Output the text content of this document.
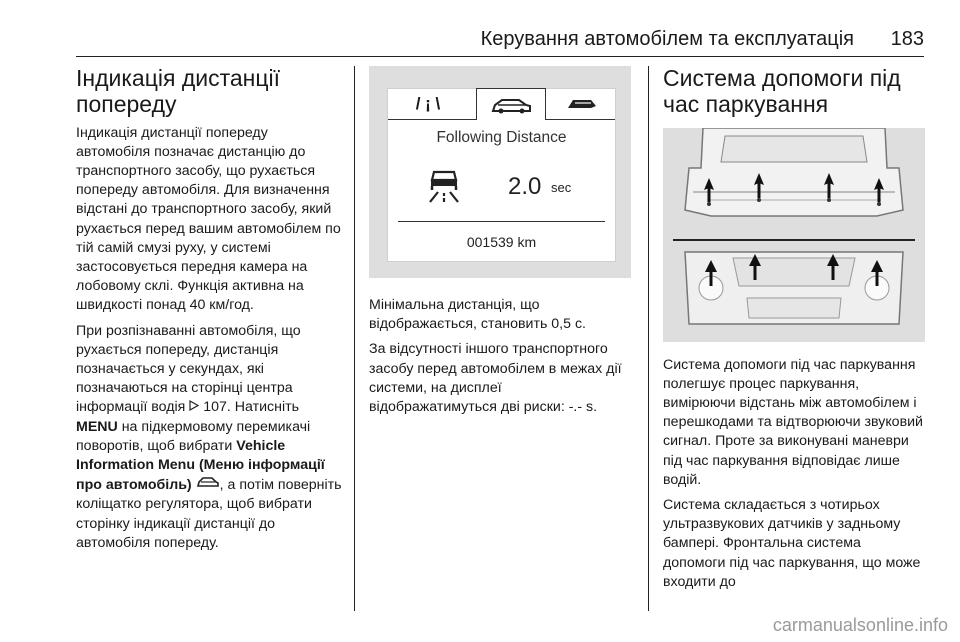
Керування автомобілем та експлуатація 183
Індикація дистанції попереду

Індикація дистанції попереду автомобіля позначає дистанцію до транспортного засобу, що рухається попереду автомобіля. Для визначення відстані до транспортного засобу, який рухається перед вашим автомобілем по тій самій смузі руху, у системі застосовується передня камера на лобовому склі. Функція активна на швидкості понад 40 км/год.

При розпізнаванні автомобіля, що рухається попереду, дистанція позначається у секундах, які позначаються на сторінці центра інформації водія  107. Натисніть MENU на підкермовому перемикачі поворотів, щоб вибрати Vehicle Information Menu (Меню інформації про автомобіль) , а потім поверніть коліщатко регулятора, щоб вибрати сторінку індикації дистанції до автомобіля попереду.

/ ¡ \
Following Distance
2.0 sec
001539 km

Мінімальна дистанція, що відображається, становить 0,5 с.

За відсутності іншого транспортного засобу перед автомобілем в межах дії системи, на дисплеї відображатимуться дві риски: -.- s.

Система допомоги під час паркування

Система допомоги під час паркування полегшує процес паркування, вимірюючи відстань між автомобілем і перешкодами та відтворюючи звуковий сигнал. Проте за виконувані маневри під час паркування відповідає лише водій.

Система складається з чотирьох ультразвукових датчиків у задньому бампері. Фронтальна система допомоги під час паркування, що може входити до

carmanualsonline.info
